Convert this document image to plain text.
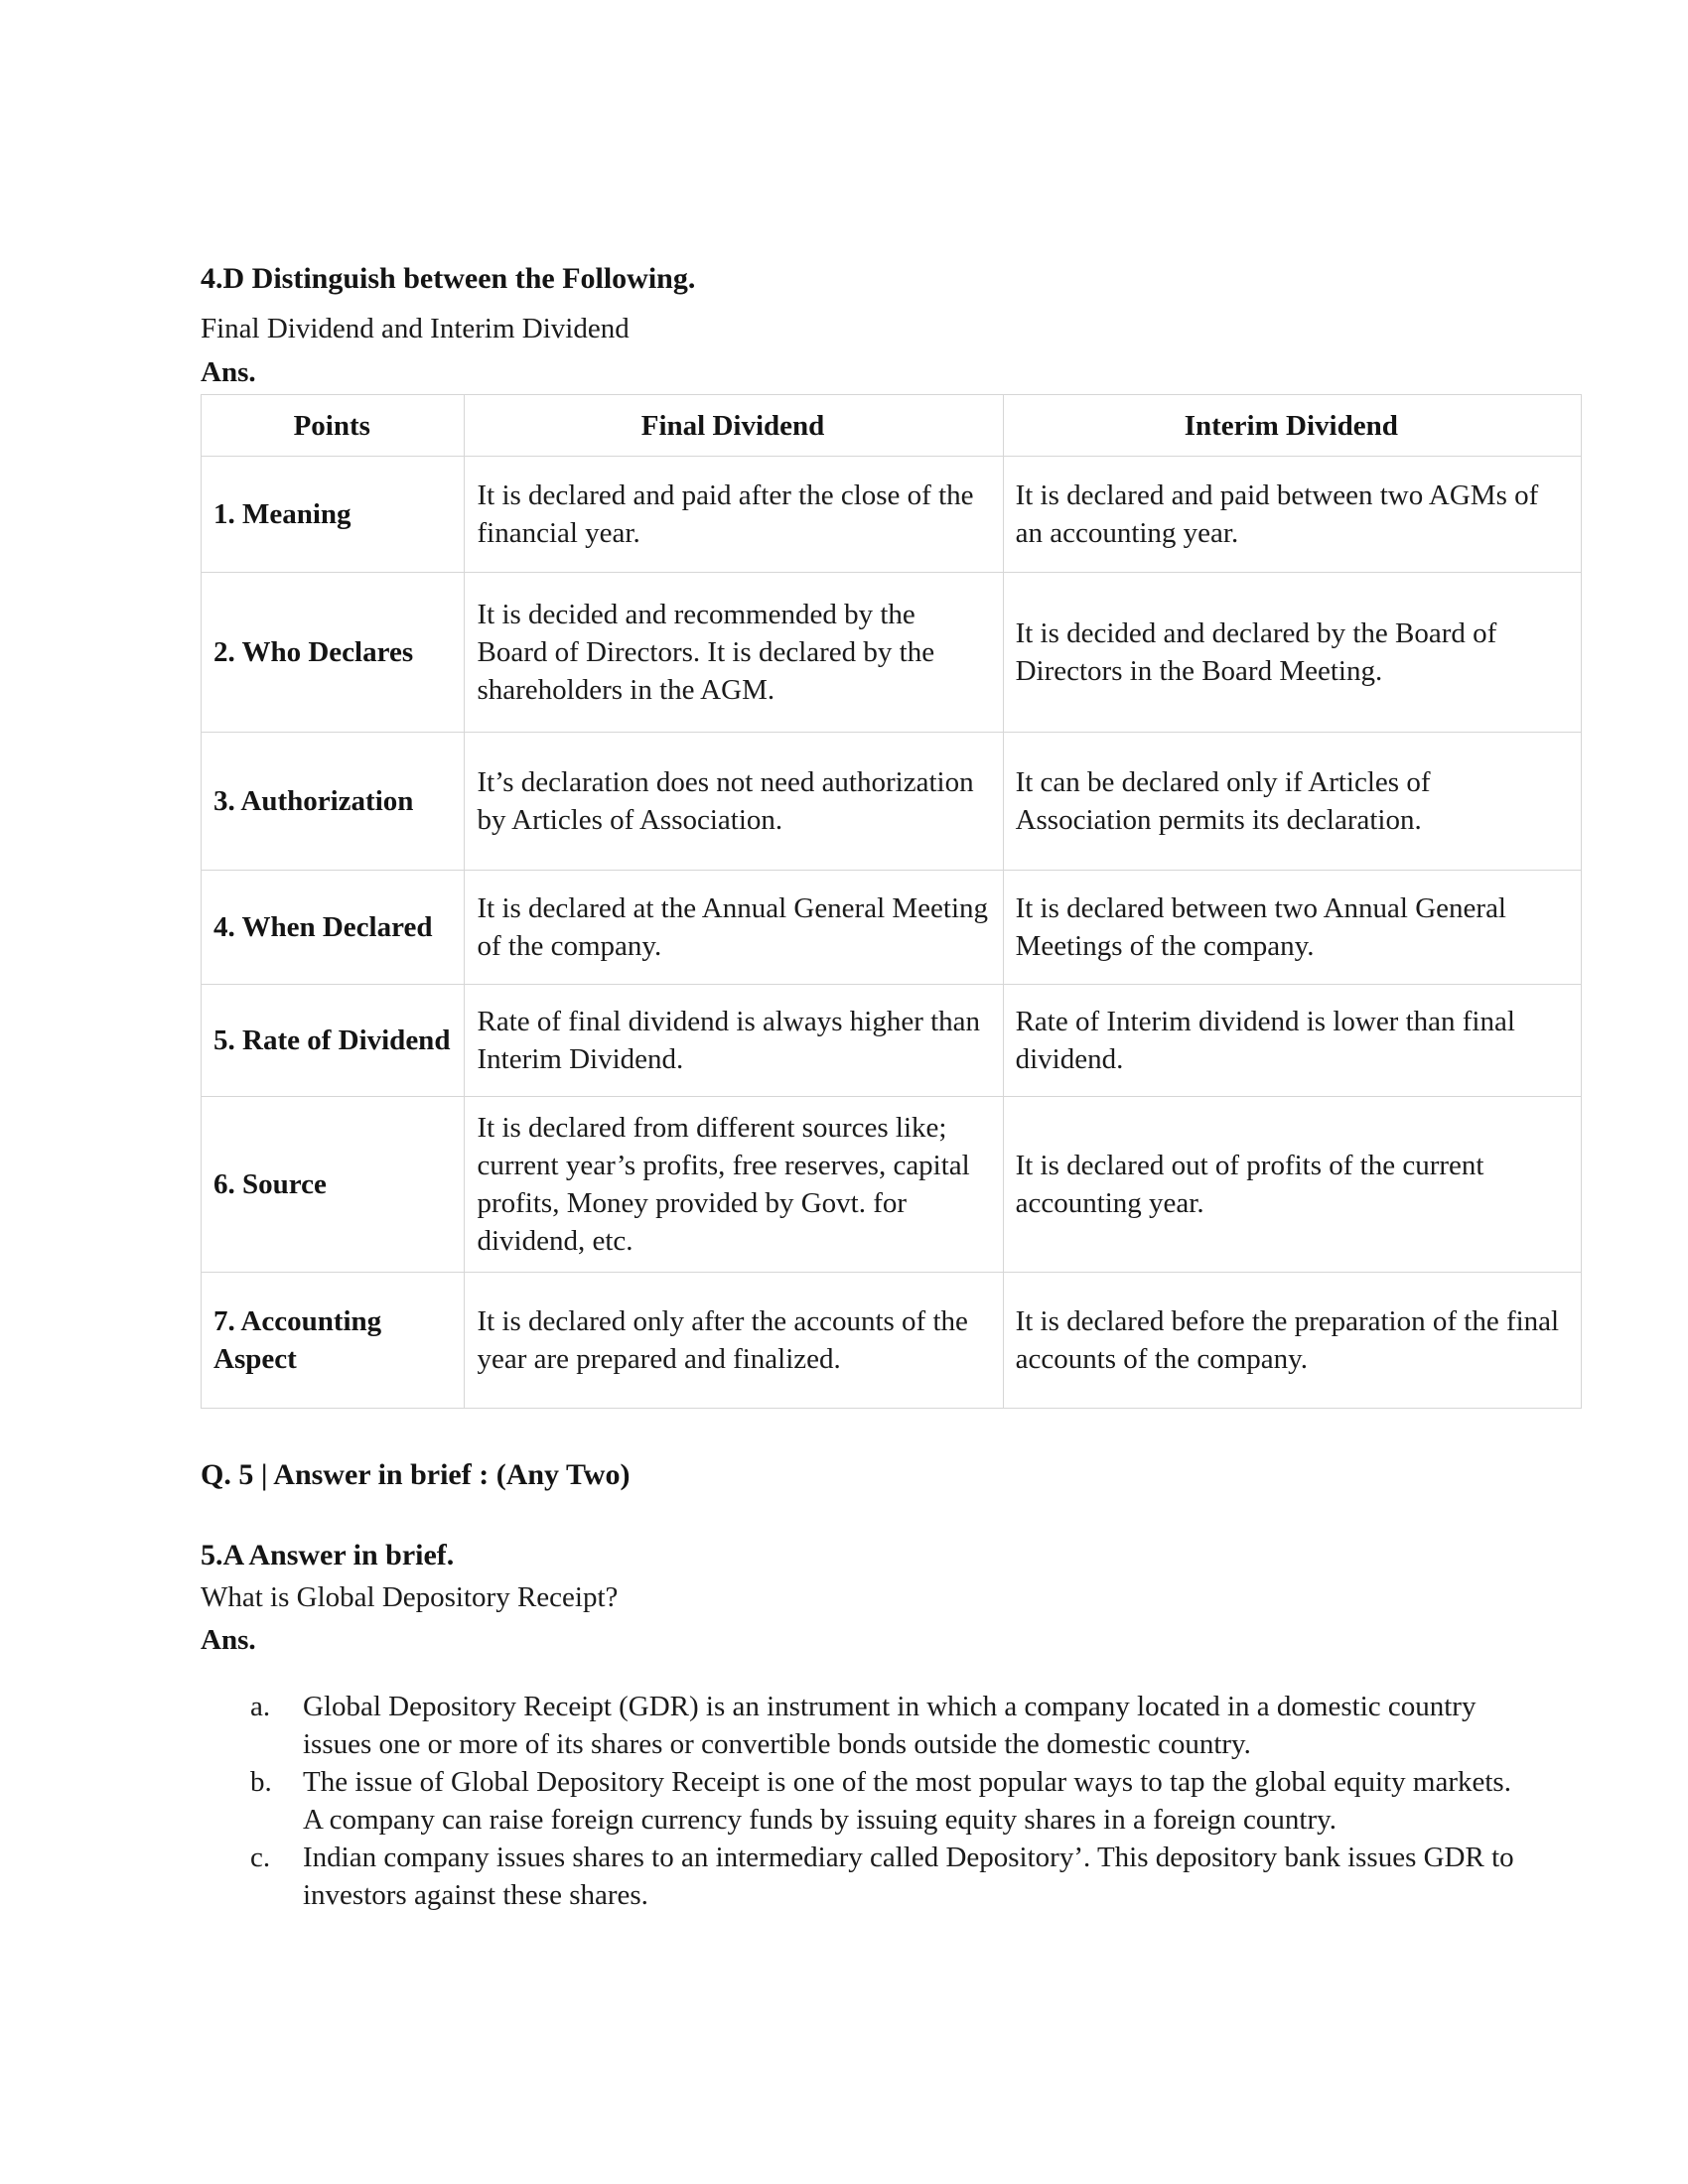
4.D Distinguish between the Following.

Final Dividend and Interim Dividend

Ans.

Points	Final Dividend	Interim Dividend
1. Meaning	It is declared and paid after the close of the financial year.	It is declared and paid between two AGMs of an accounting year.
2. Who Declares	It is decided and recommended by the Board of Directors. It is declared by the shareholders in the AGM.	It is decided and declared by the Board of Directors in the Board Meeting.
3. Authorization	It’s declaration does not need authorization by Articles of Association.	It can be declared only if Articles of Association permits its declaration.
4. When Declared	It is declared at the Annual General Meeting of the company.	It is declared between two Annual General Meetings of the company.
5. Rate of Dividend	Rate of final dividend is always higher than Interim Dividend.	Rate of Interim dividend is lower than final dividend.
6. Source	It is declared from different sources like; current year’s profits, free reserves, capital profits, Money provided by Govt. for dividend, etc.	It is declared out of profits of the current accounting year.
7. Accounting Aspect	It is declared only after the accounts of the year are prepared and finalized.	It is declared before the preparation of the final accounts of the company.

Q. 5 | Answer in brief : (Any Two)

5.A Answer in brief.

What is Global Depository Receipt?

Ans.

a. Global Depository Receipt (GDR) is an instrument in which a company located in a domestic country issues one or more of its shares or convertible bonds outside the domestic country.
b. The issue of Global Depository Receipt is one of the most popular ways to tap the global equity markets. A company can raise foreign currency funds by issuing equity shares in a foreign country.
c. Indian company issues shares to an intermediary called Depository’. This depository bank issues GDR to investors against these shares.
